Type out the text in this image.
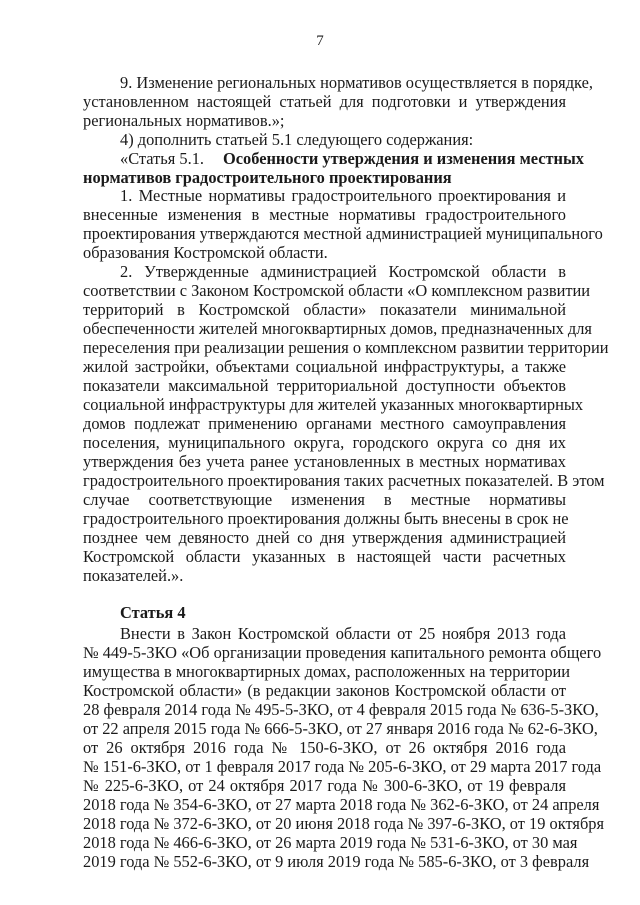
7
9. Изменение региональных нормативов осуществляется в порядке,
установленном настоящей статьей для подготовки и утверждения
региональных нормативов.»;
4) дополнить статьей 5.1 следующего содержания:
«Статья 5.1. Особенности утверждения и изменения местных
нормативов градостроительного проектирования
1. Местные нормативы градостроительного проектирования и
внесенные изменения в местные нормативы градостроительного
проектирования утверждаются местной администрацией муниципального
образования Костромской области.
2. Утвержденные администрацией Костромской области в
соответствии с Законом Костромской области «О комплексном развитии
территорий в Костромской области» показатели минимальной
обеспеченности жителей многоквартирных домов, предназначенных для
переселения при реализации решения о комплексном развитии территории
жилой застройки, объектами социальной инфраструктуры, а также
показатели максимальной территориальной доступности объектов
социальной инфраструктуры для жителей указанных многоквартирных
домов подлежат применению органами местного самоуправления
поселения, муниципального округа, городского округа со дня их
утверждения без учета ранее установленных в местных нормативах
градостроительного проектирования таких расчетных показателей. В этом
случае соответствующие изменения в местные нормативы
градостроительного проектирования должны быть внесены в срок не
позднее чем девяносто дней со дня утверждения администрацией
Костромской области указанных в настоящей части расчетных
показателей.».
Статья 4
Внести в Закон Костромской области от 25 ноября 2013 года
№ 449-5-ЗКО «Об организации проведения капитального ремонта общего
имущества в многоквартирных домах, расположенных на территории
Костромской области» (в редакции законов Костромской области от
28 февраля 2014 года № 495-5-ЗКО, от 4 февраля 2015 года № 636-5-ЗКО,
от 22 апреля 2015 года № 666-5-ЗКО, от 27 января 2016 года № 62-6-ЗКО,
от 26 октября 2016 года № 150-6-ЗКО, от 26 октября 2016 года
№ 151-6-ЗКО, от 1 февраля 2017 года № 205-6-ЗКО, от 29 марта 2017 года
№ 225-6-ЗКО, от 24 октября 2017 года № 300-6-ЗКО, от 19 февраля
2018 года № 354-6-ЗКО, от 27 марта 2018 года № 362-6-ЗКО, от 24 апреля
2018 года № 372-6-ЗКО, от 20 июня 2018 года № 397-6-ЗКО, от 19 октября
2018 года № 466-6-ЗКО, от 26 марта 2019 года № 531-6-ЗКО, от 30 мая
2019 года № 552-6-ЗКО, от 9 июля 2019 года № 585-6-ЗКО, от 3 февраля
